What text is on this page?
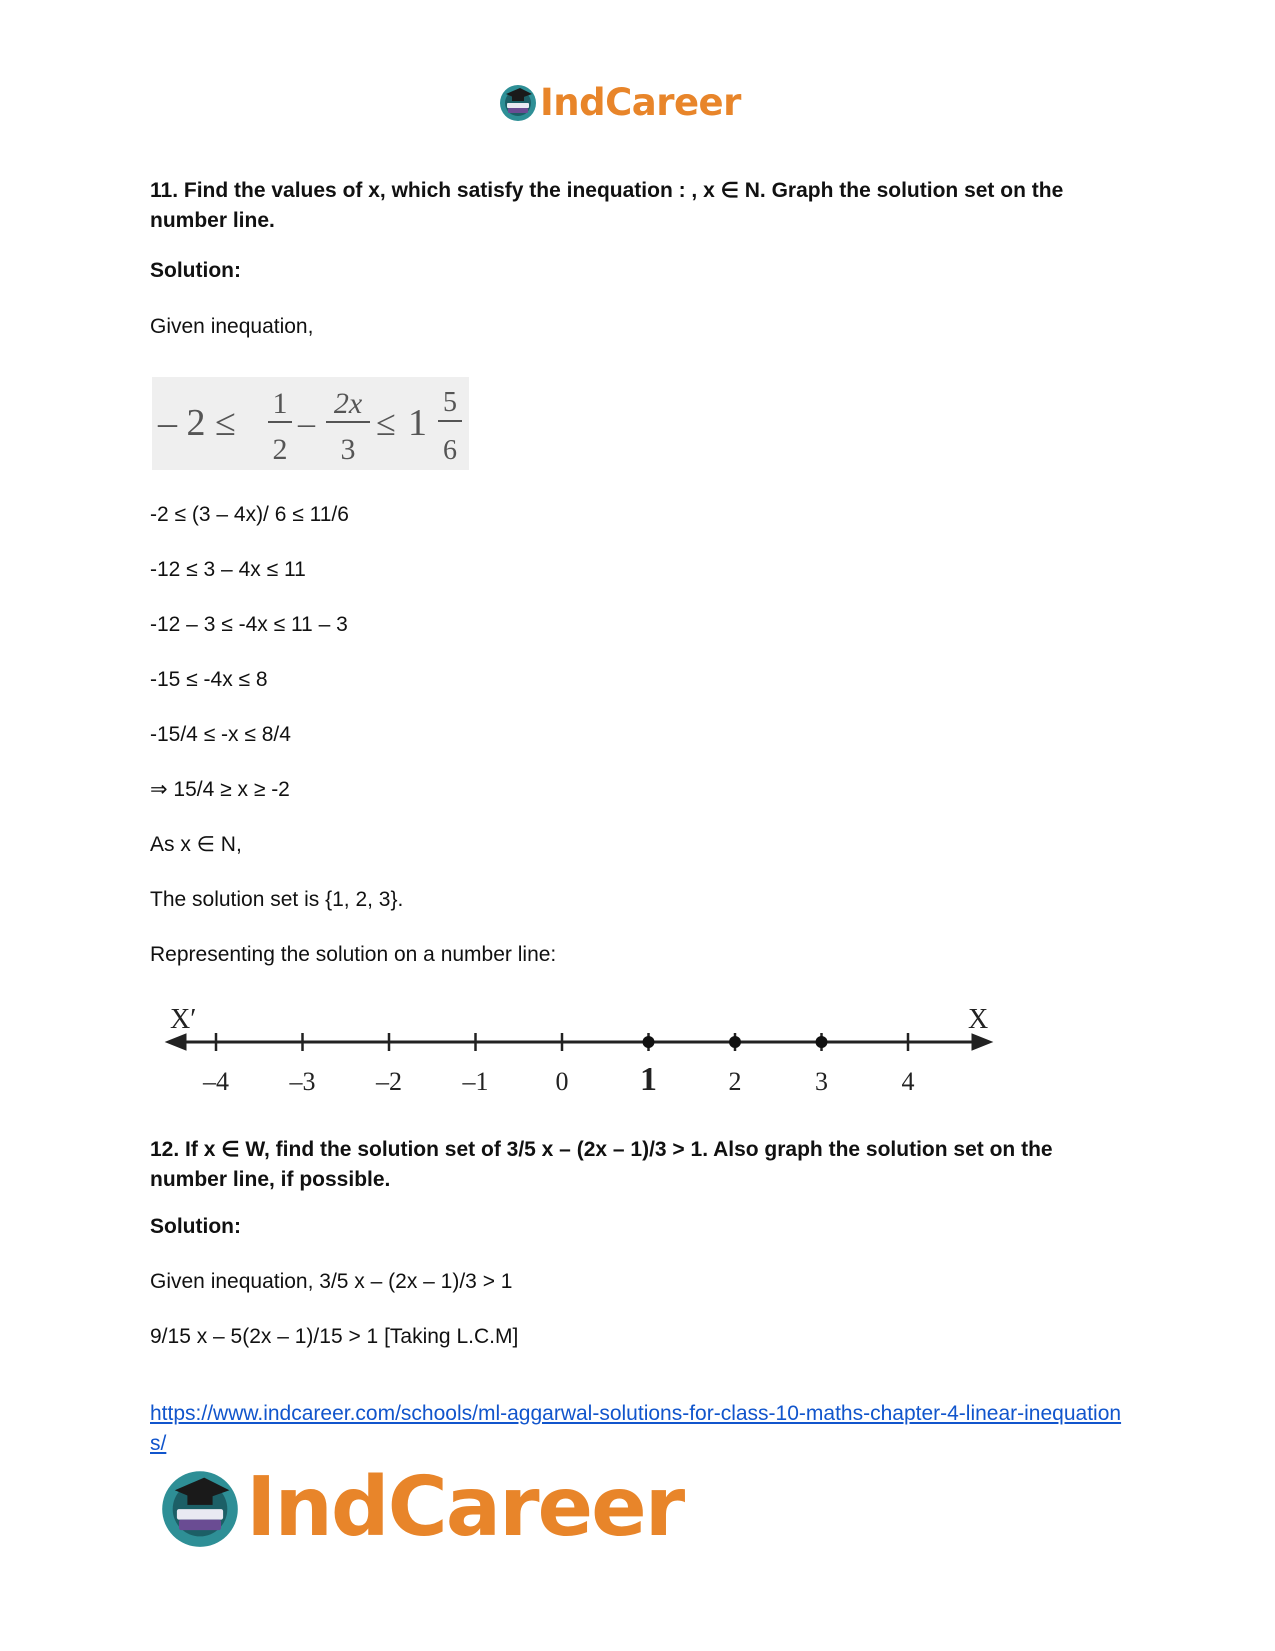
IndCareer

11. Find the values of x, which satisfy the inequation : , x ∈ N. Graph the solution set on the number line.

Solution:

Given inequation,

– 2 ≤ 1
2
–
2x
3
≤ 1 5
6

-2 ≤ (3 – 4x)/ 6 ≤ 11/6

-12 ≤ 3 – 4x ≤ 11

-12 – 3 ≤ -4x ≤ 11 – 3

-15 ≤ -4x ≤ 8

-15/4 ≤ -x ≤ 8/4

⇒ 15/4 ≥ x ≥ -2

As x ∈ N,

The solution set is {1, 2, 3}.

Representing the solution on a number line:

X′	X
–4 –3 –2 –1	0 1	2	3	4

12. If x ∈ W, find the solution set of 3/5 x – (2x – 1)/3 > 1. Also graph the solution set on the number line, if possible.

Solution:

Given inequation, 3/5 x – (2x – 1)/3 > 1

9/15 x – 5(2x – 1)/15 > 1 [Taking L.C.M]

https://www.indcareer.com/schools/ml-aggarwal-solutions-for-class-10-maths-chapter-4-linear-inequations/
IndCareer
